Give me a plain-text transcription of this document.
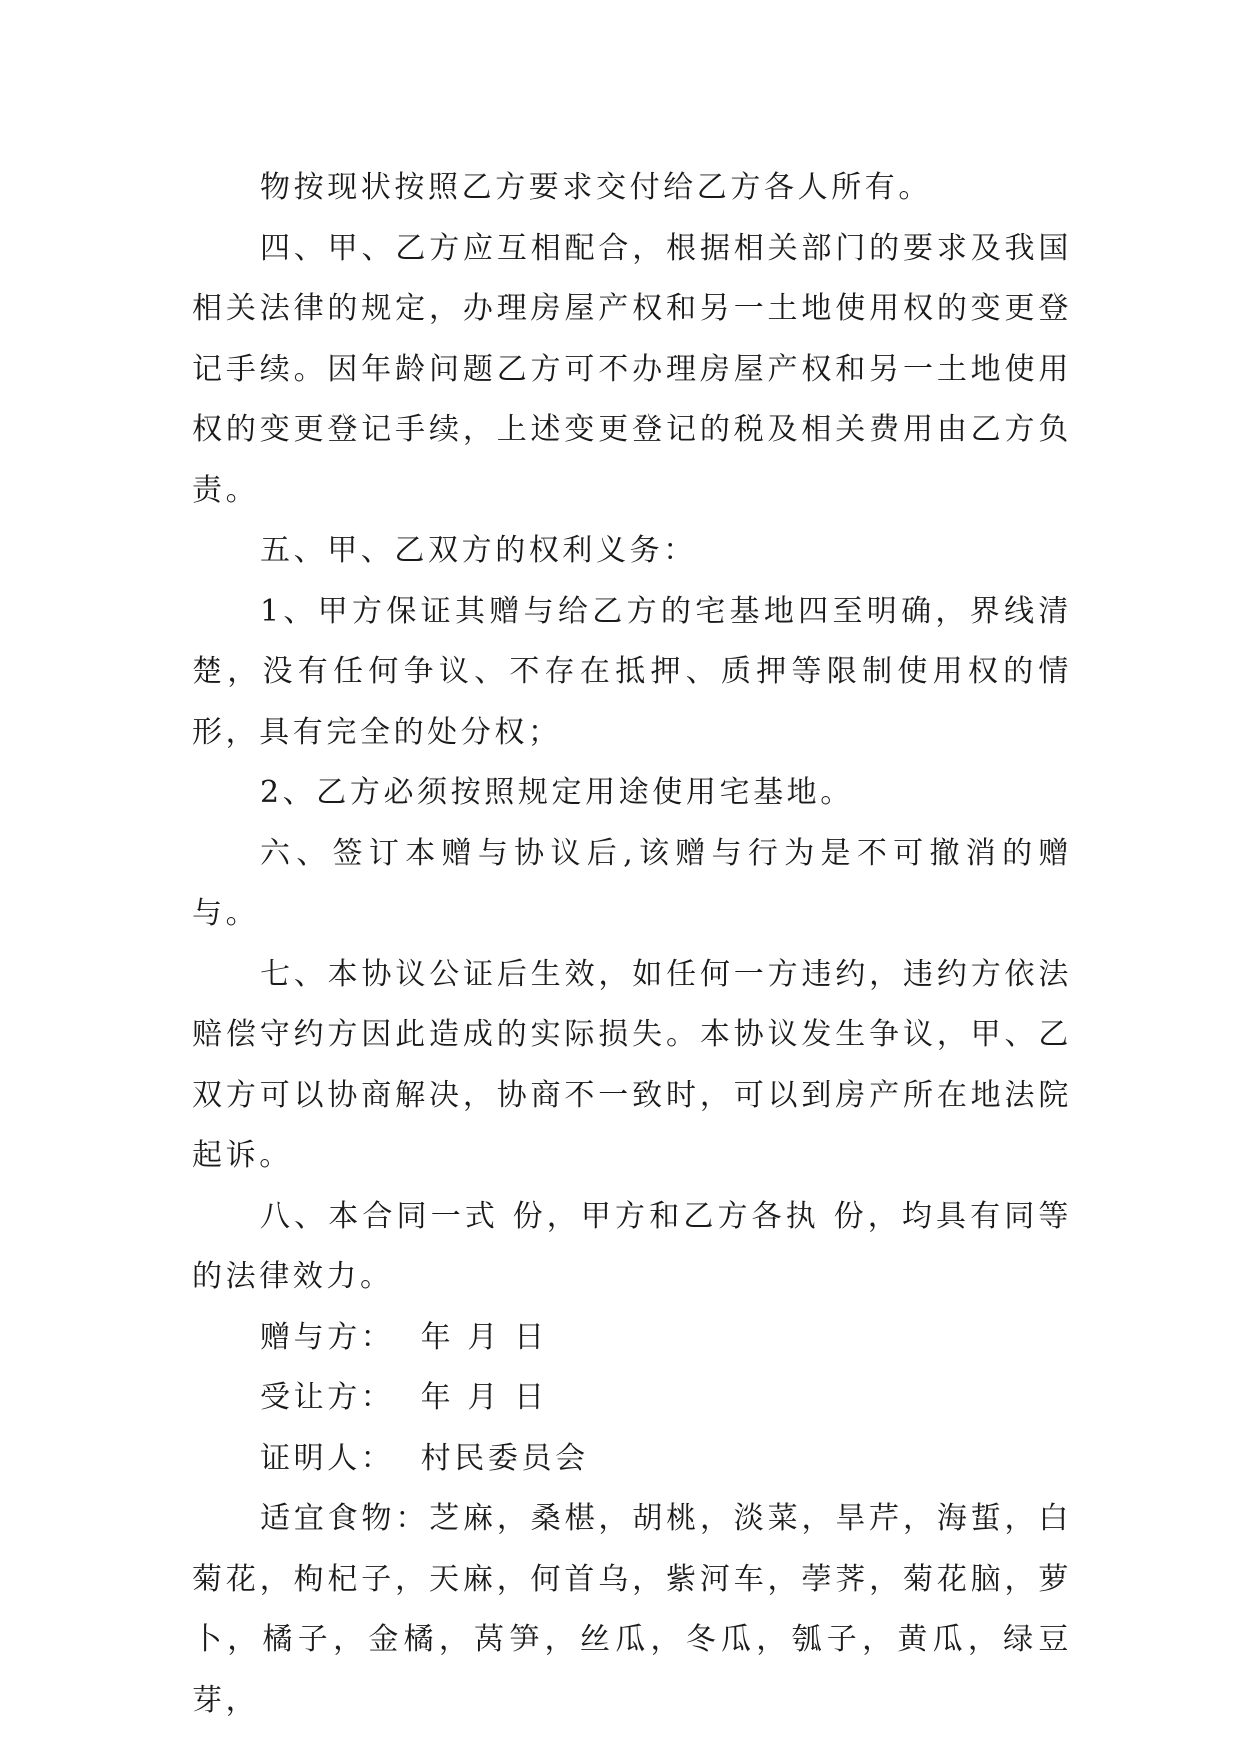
物按现状按照乙方要求交付给乙方各人所有。

四、甲、乙方应互相配合，根据相关部门的要求及我国相关法律的规定，办理房屋产权和另一土地使用权的变更登记手续。因年龄问题乙方可不办理房屋产权和另一土地使用权的变更登记手续，上述变更登记的税及相关费用由乙方负责。

五、甲、乙双方的权利义务：

1、甲方保证其赠与给乙方的宅基地四至明确，界线清楚，没有任何争议、不存在抵押、质押等限制使用权的情形，具有完全的处分权；

2、乙方必须按照规定用途使用宅基地。

六、签订本赠与协议后,该赠与行为是不可撤消的赠与。

七、本协议公证后生效，如任何一方违约，违约方依法赔偿守约方因此造成的实际损失。本协议发生争议，甲、乙双方可以协商解决，协商不一致时，可以到房产所在地法院起诉。

八、本合同一式 份，甲方和乙方各执 份，均具有同等的法律效力。

赠与方：  年 月 日

受让方：  年 月 日

证明人：  村民委员会

适宜食物：芝麻，桑椹，胡桃，淡菜，旱芹，海蜇，白菊花，枸杞子，天麻，何首乌，紫河车，荸荠，菊花脑，萝卜，橘子，金橘，莴笋，丝瓜，冬瓜，瓠子，黄瓜，绿豆芽，
